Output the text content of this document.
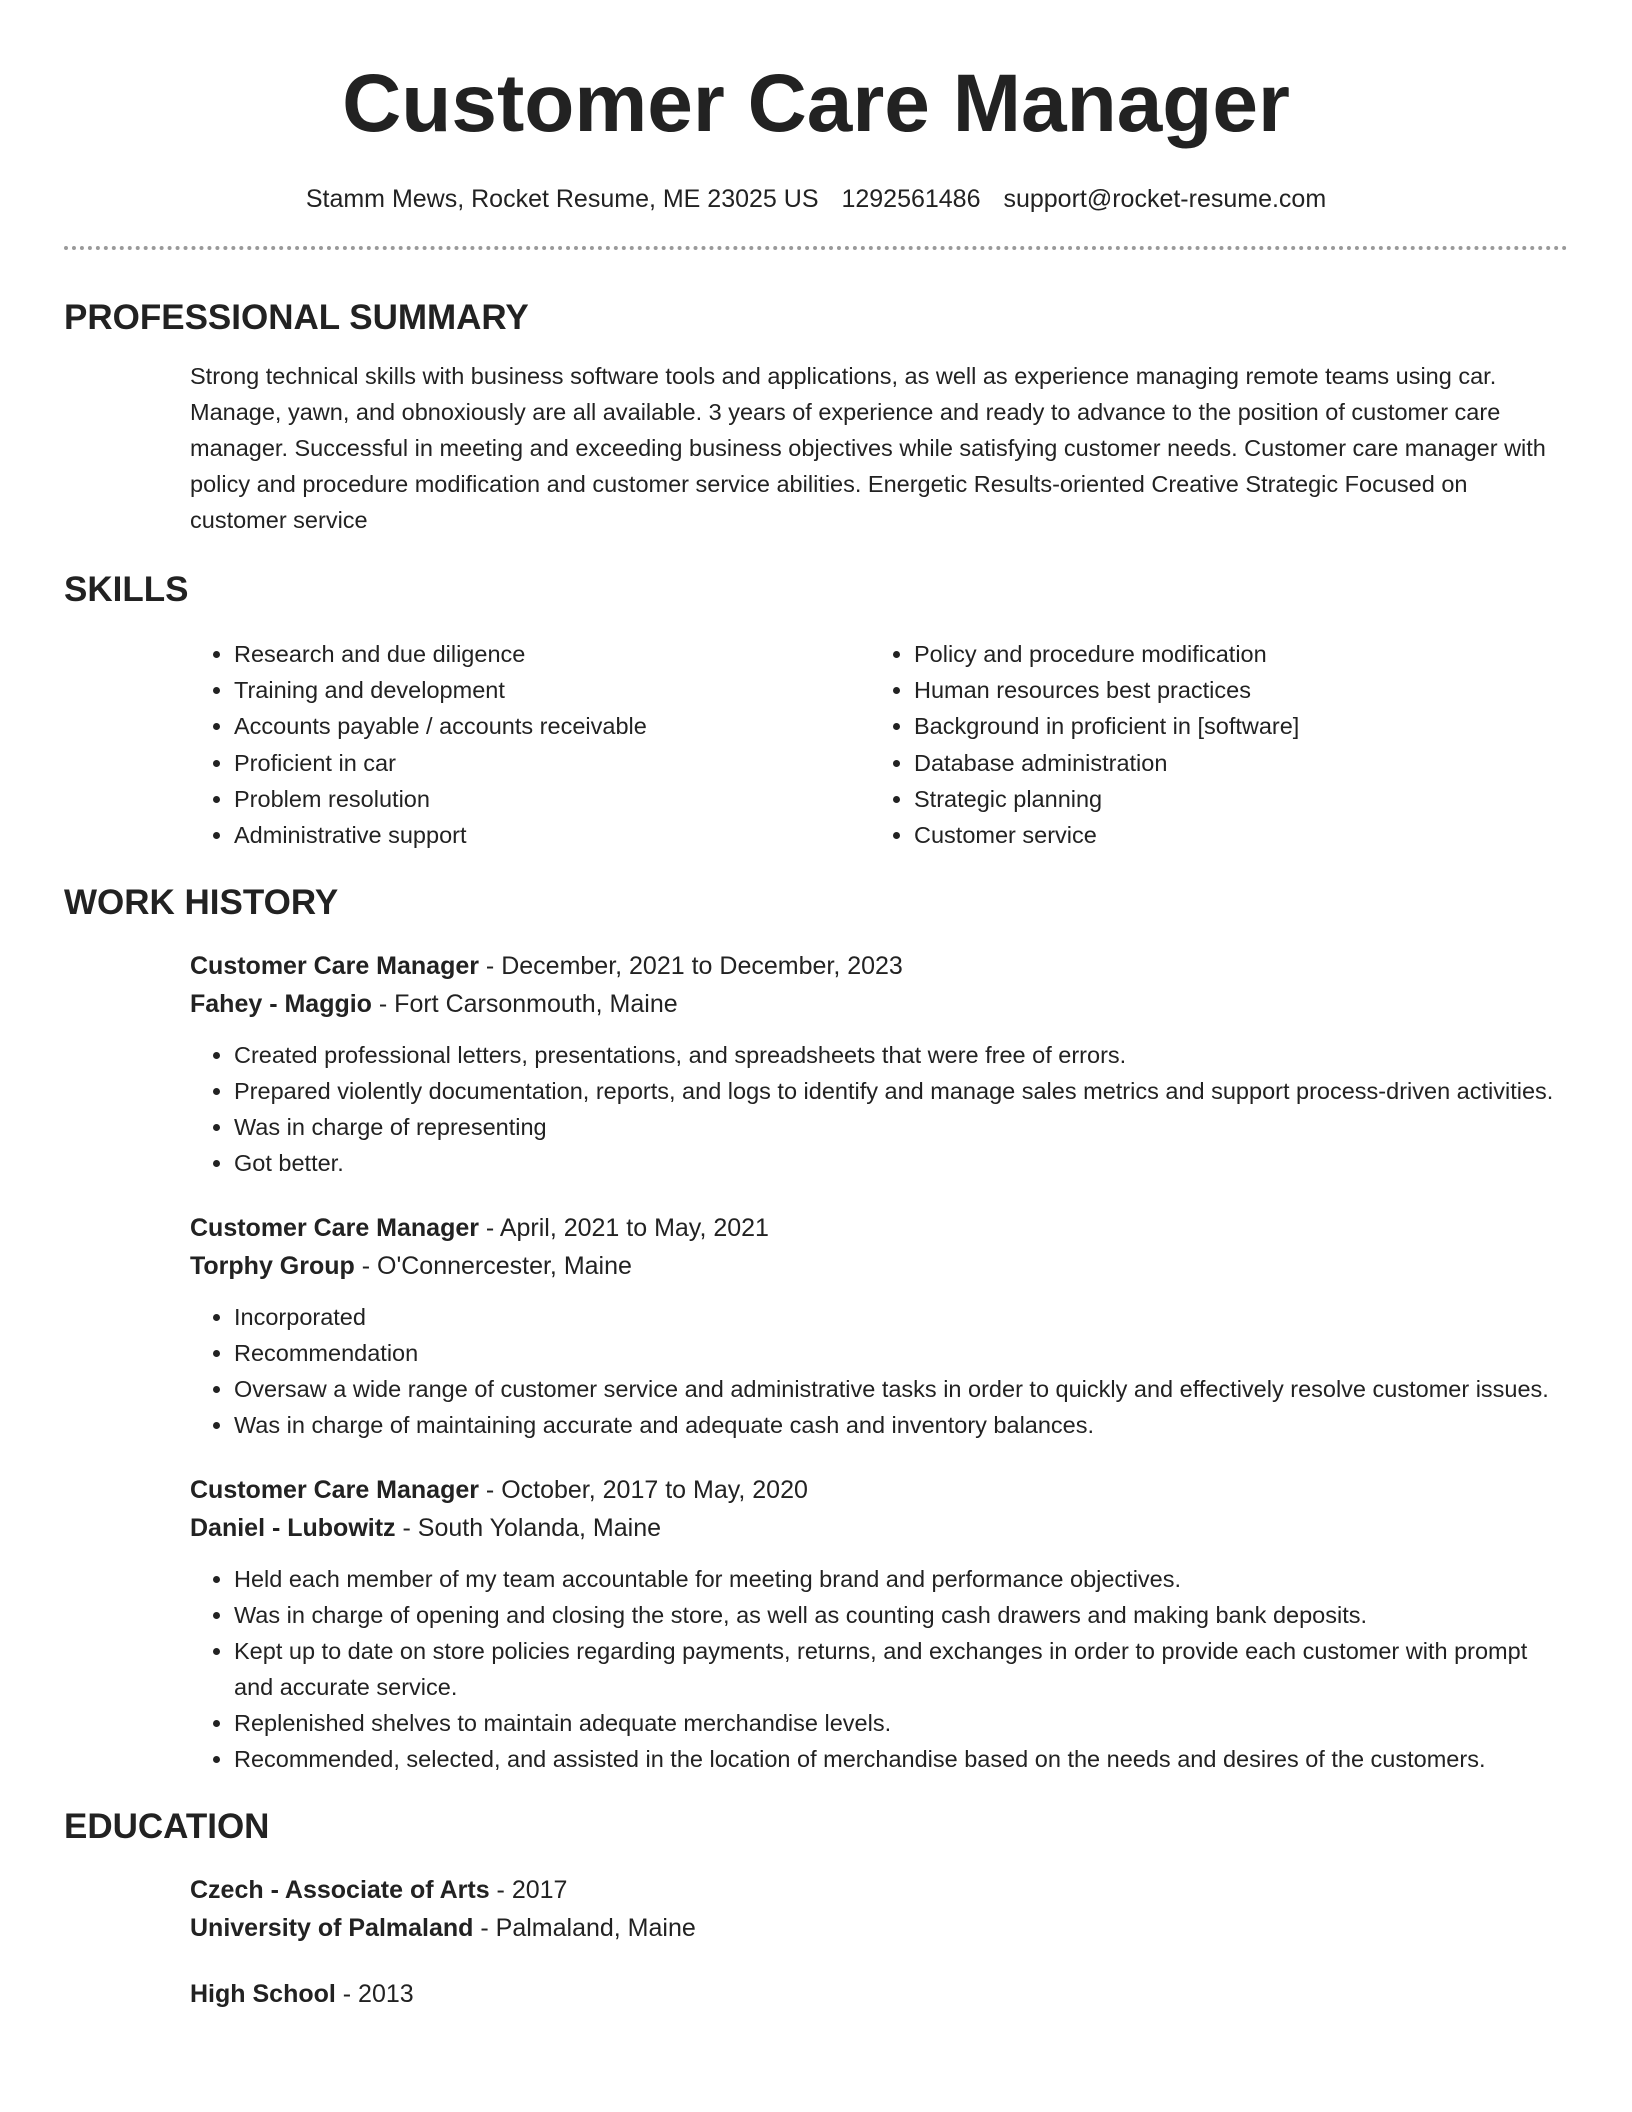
Customer Care Manager
Stamm Mews, Rocket Resume, ME 23025 US 1292561486 support@rocket-resume.com
PROFESSIONAL SUMMARY
Strong technical skills with business software tools and applications, as well as experience managing remote teams using car. Manage, yawn, and obnoxiously are all available. 3 years of experience and ready to advance to the position of customer care manager. Successful in meeting and exceeding business objectives while satisfying customer needs. Customer care manager with policy and procedure modification and customer service abilities. Energetic Results-oriented Creative Strategic Focused on customer service
SKILLS
• Research and due diligence
• Training and development
• Accounts payable / accounts receivable
• Proficient in car
• Problem resolution
• Administrative support
• Policy and procedure modification
• Human resources best practices
• Background in proficient in [software]
• Database administration
• Strategic planning
• Customer service
WORK HISTORY
Customer Care Manager - December, 2021 to December, 2023
Fahey - Maggio - Fort Carsonmouth, Maine
• Created professional letters, presentations, and spreadsheets that were free of errors.
• Prepared violently documentation, reports, and logs to identify and manage sales metrics and support process-driven activities.
• Was in charge of representing
• Got better.
Customer Care Manager - April, 2021 to May, 2021
Torphy Group - O'Connercester, Maine
• Incorporated
• Recommendation
• Oversaw a wide range of customer service and administrative tasks in order to quickly and effectively resolve customer issues.
• Was in charge of maintaining accurate and adequate cash and inventory balances.
Customer Care Manager - October, 2017 to May, 2020
Daniel - Lubowitz - South Yolanda, Maine
• Held each member of my team accountable for meeting brand and performance objectives.
• Was in charge of opening and closing the store, as well as counting cash drawers and making bank deposits.
• Kept up to date on store policies regarding payments, returns, and exchanges in order to provide each customer with prompt and accurate service.
• Replenished shelves to maintain adequate merchandise levels.
• Recommended, selected, and assisted in the location of merchandise based on the needs and desires of the customers.
EDUCATION
Czech - Associate of Arts - 2017
University of Palmaland - Palmaland, Maine
High School - 2013
